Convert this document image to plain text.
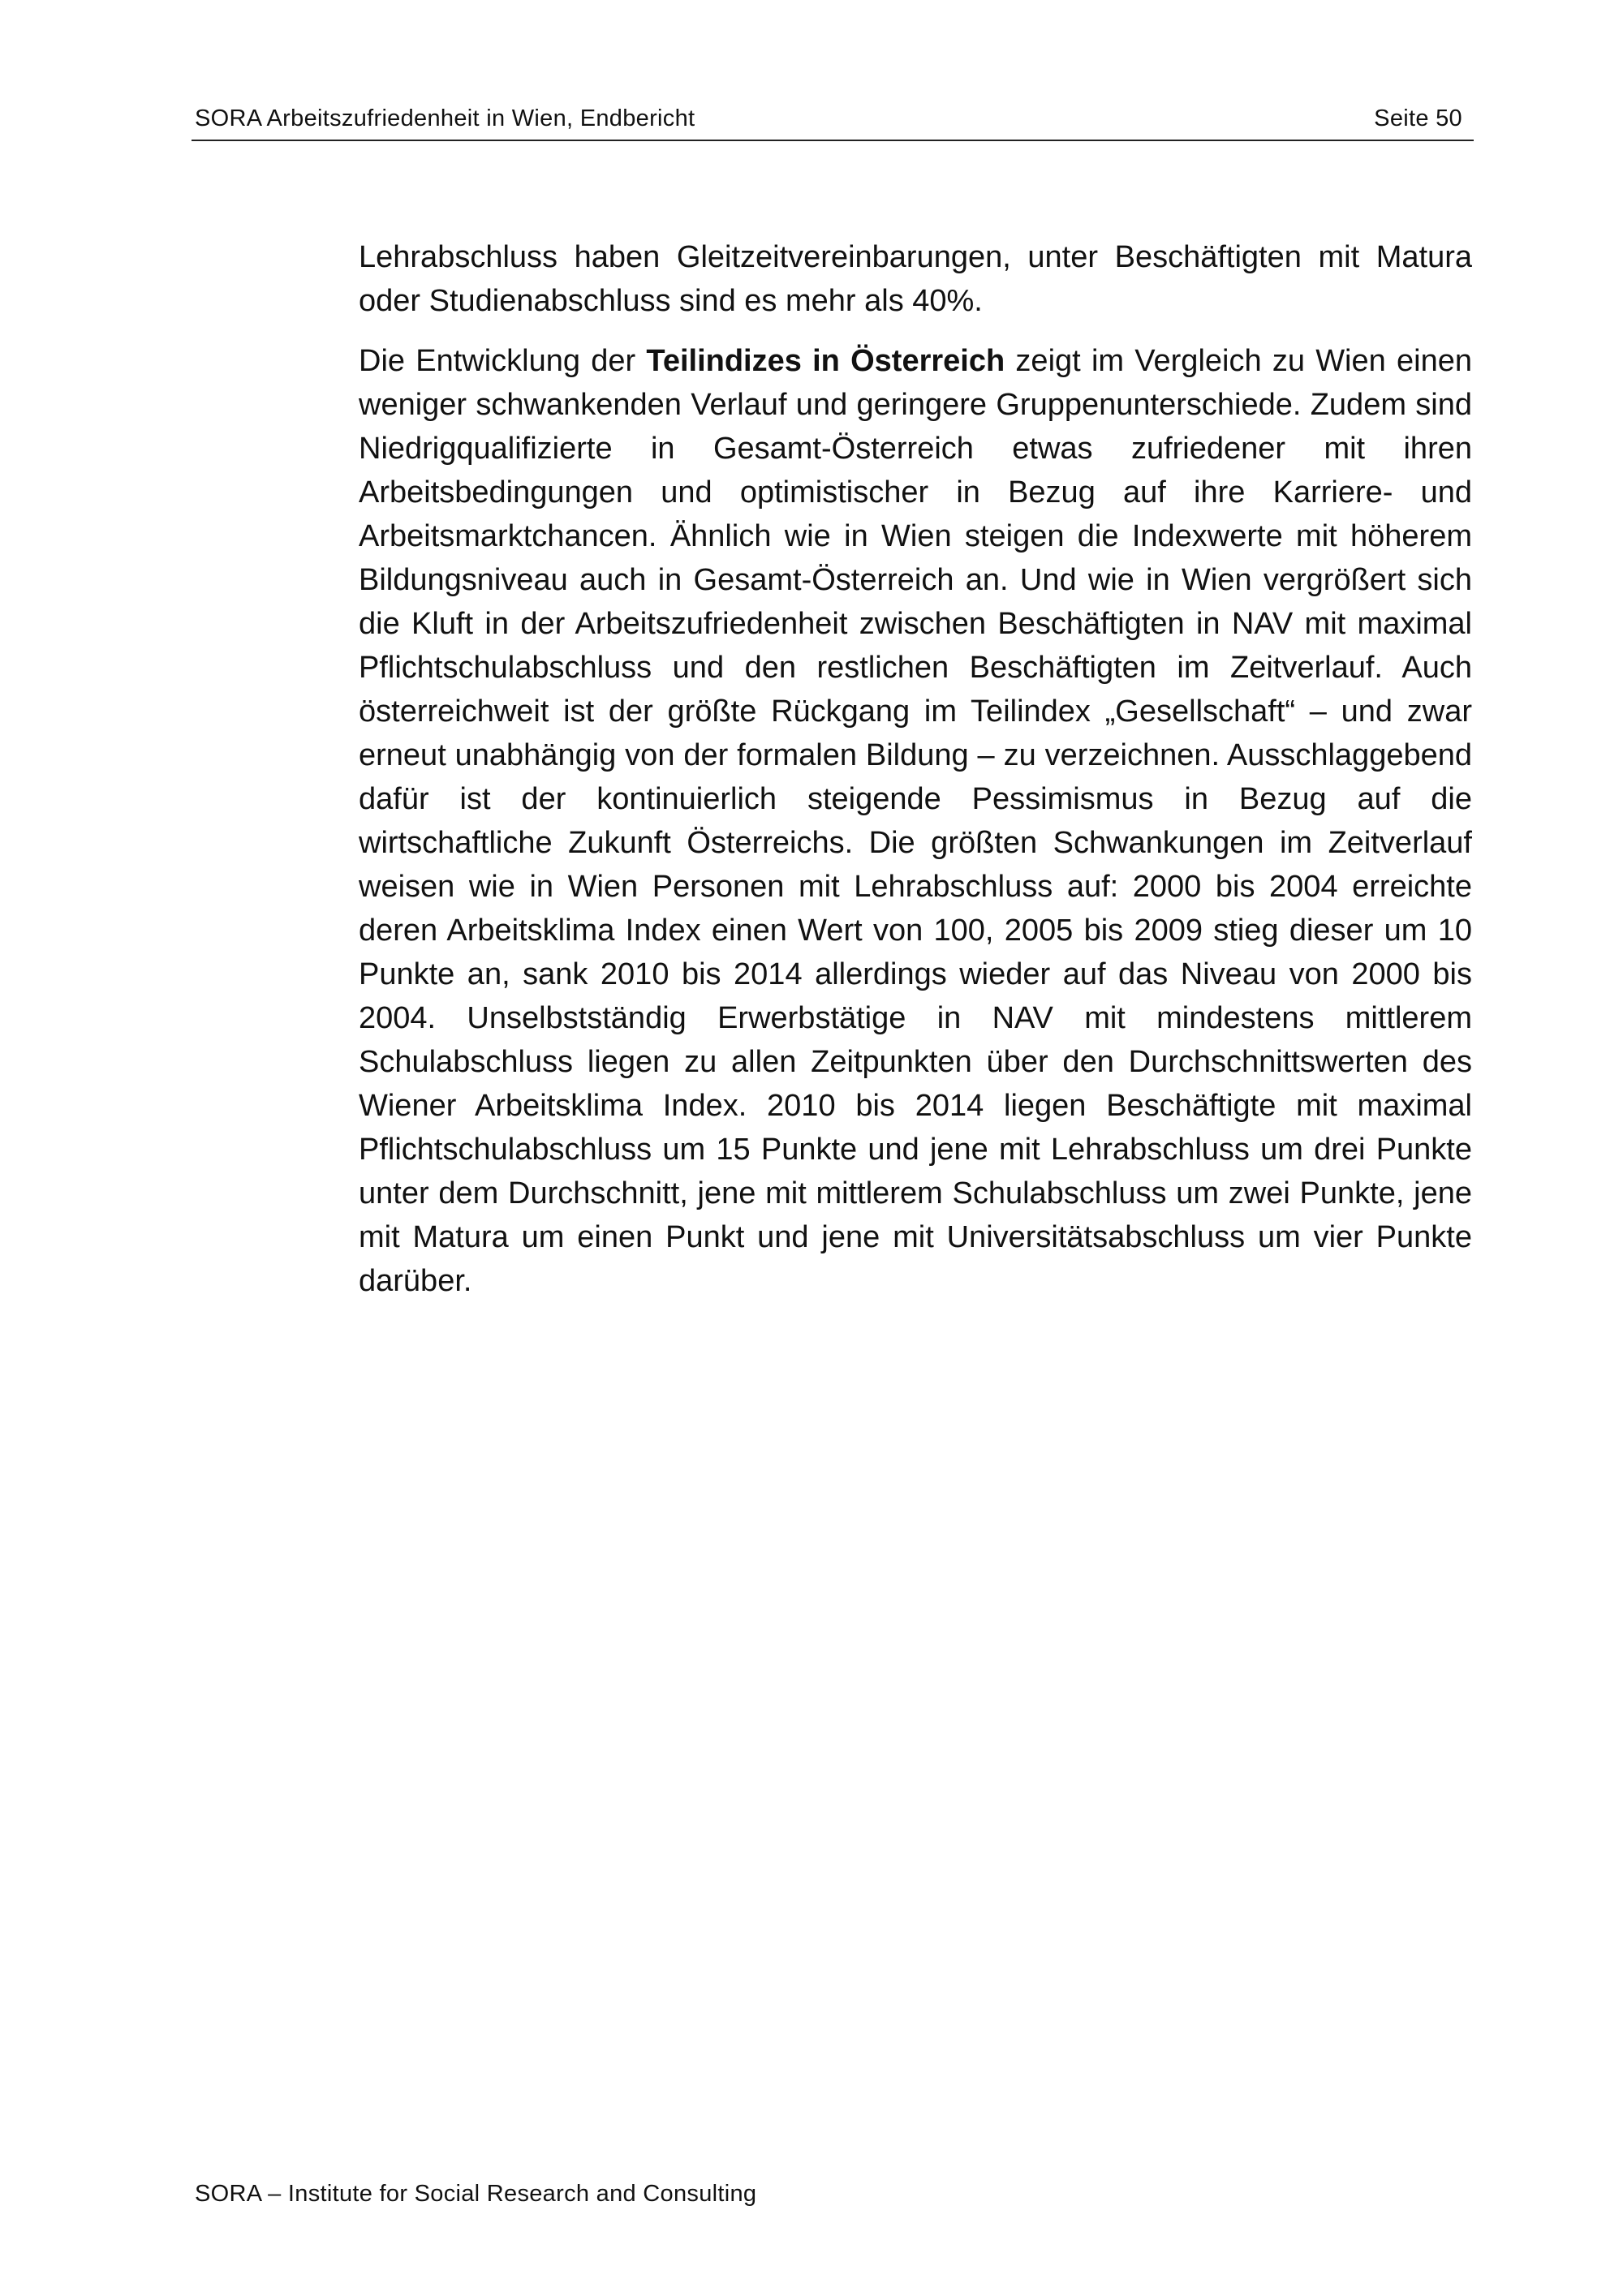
SORA Arbeitszufriedenheit in Wien, Endbericht	Seite 50

Lehrabschluss haben Gleitzeitvereinbarungen, unter Beschäftigten mit Matura oder Studienabschluss sind es mehr als 40%.

Die Entwicklung der Teilindizes in Österreich zeigt im Vergleich zu Wien einen weniger schwankenden Verlauf und geringere Gruppenunterschiede. Zudem sind Niedrigqualifizierte in Gesamt-Österreich etwas zufriedener mit ihren Arbeitsbedingungen und optimistischer in Bezug auf ihre Karriere- und Arbeitsmarktchancen. Ähnlich wie in Wien steigen die Indexwerte mit höherem Bildungsniveau auch in Gesamt-Österreich an. Und wie in Wien vergrößert sich die Kluft in der Arbeitszufriedenheit zwischen Beschäftigten in NAV mit maximal Pflichtschulabschluss und den restlichen Beschäftigten im Zeitverlauf. Auch österreichweit ist der größte Rückgang im Teilindex „Gesellschaft“ – und zwar erneut unabhängig von der formalen Bildung – zu verzeichnen. Ausschlaggebend dafür ist der kontinuierlich steigende Pessimismus in Bezug auf die wirtschaftliche Zukunft Österreichs. Die größten Schwankungen im Zeitverlauf weisen wie in Wien Personen mit Lehrabschluss auf: 2000 bis 2004 erreichte deren Arbeitsklima Index einen Wert von 100, 2005 bis 2009 stieg dieser um 10 Punkte an, sank 2010 bis 2014 allerdings wieder auf das Niveau von 2000 bis 2004. Unselbstständig Erwerbstätige in NAV mit mindestens mittlerem Schulabschluss liegen zu allen Zeitpunkten über den Durchschnittswerten des Wiener Arbeitsklima Index. 2010 bis 2014 liegen Beschäftigte mit maximal Pflichtschulabschluss um 15 Punkte und jene mit Lehrabschluss um drei Punkte unter dem Durchschnitt, jene mit mittlerem Schulabschluss um zwei Punkte, jene mit Matura um einen Punkt und jene mit Universitätsabschluss um vier Punkte darüber.

SORA – Institute for Social Research and Consulting
